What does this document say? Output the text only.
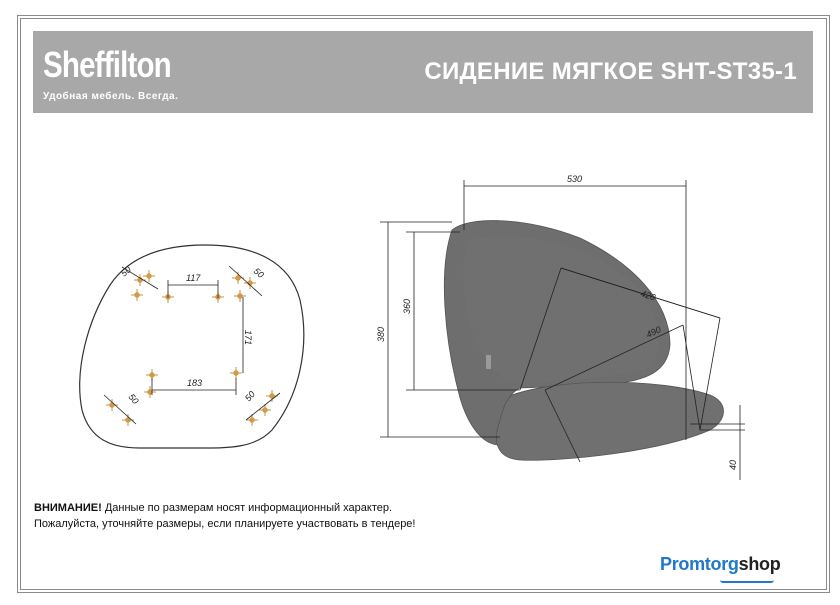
Sheffilton
Удобная мебель. Всегда.
СИДЕНИЕ МЯГКОЕ SHT-ST35-1
117
171
183
50	50
50	50
530
420
490
380
360
40
ВНИМАНИЕ! Данные по размерам носят информационный характер.
Пожалуйста, уточняйте размеры, если планируете участвовать в тендере!
Promtorgshop
